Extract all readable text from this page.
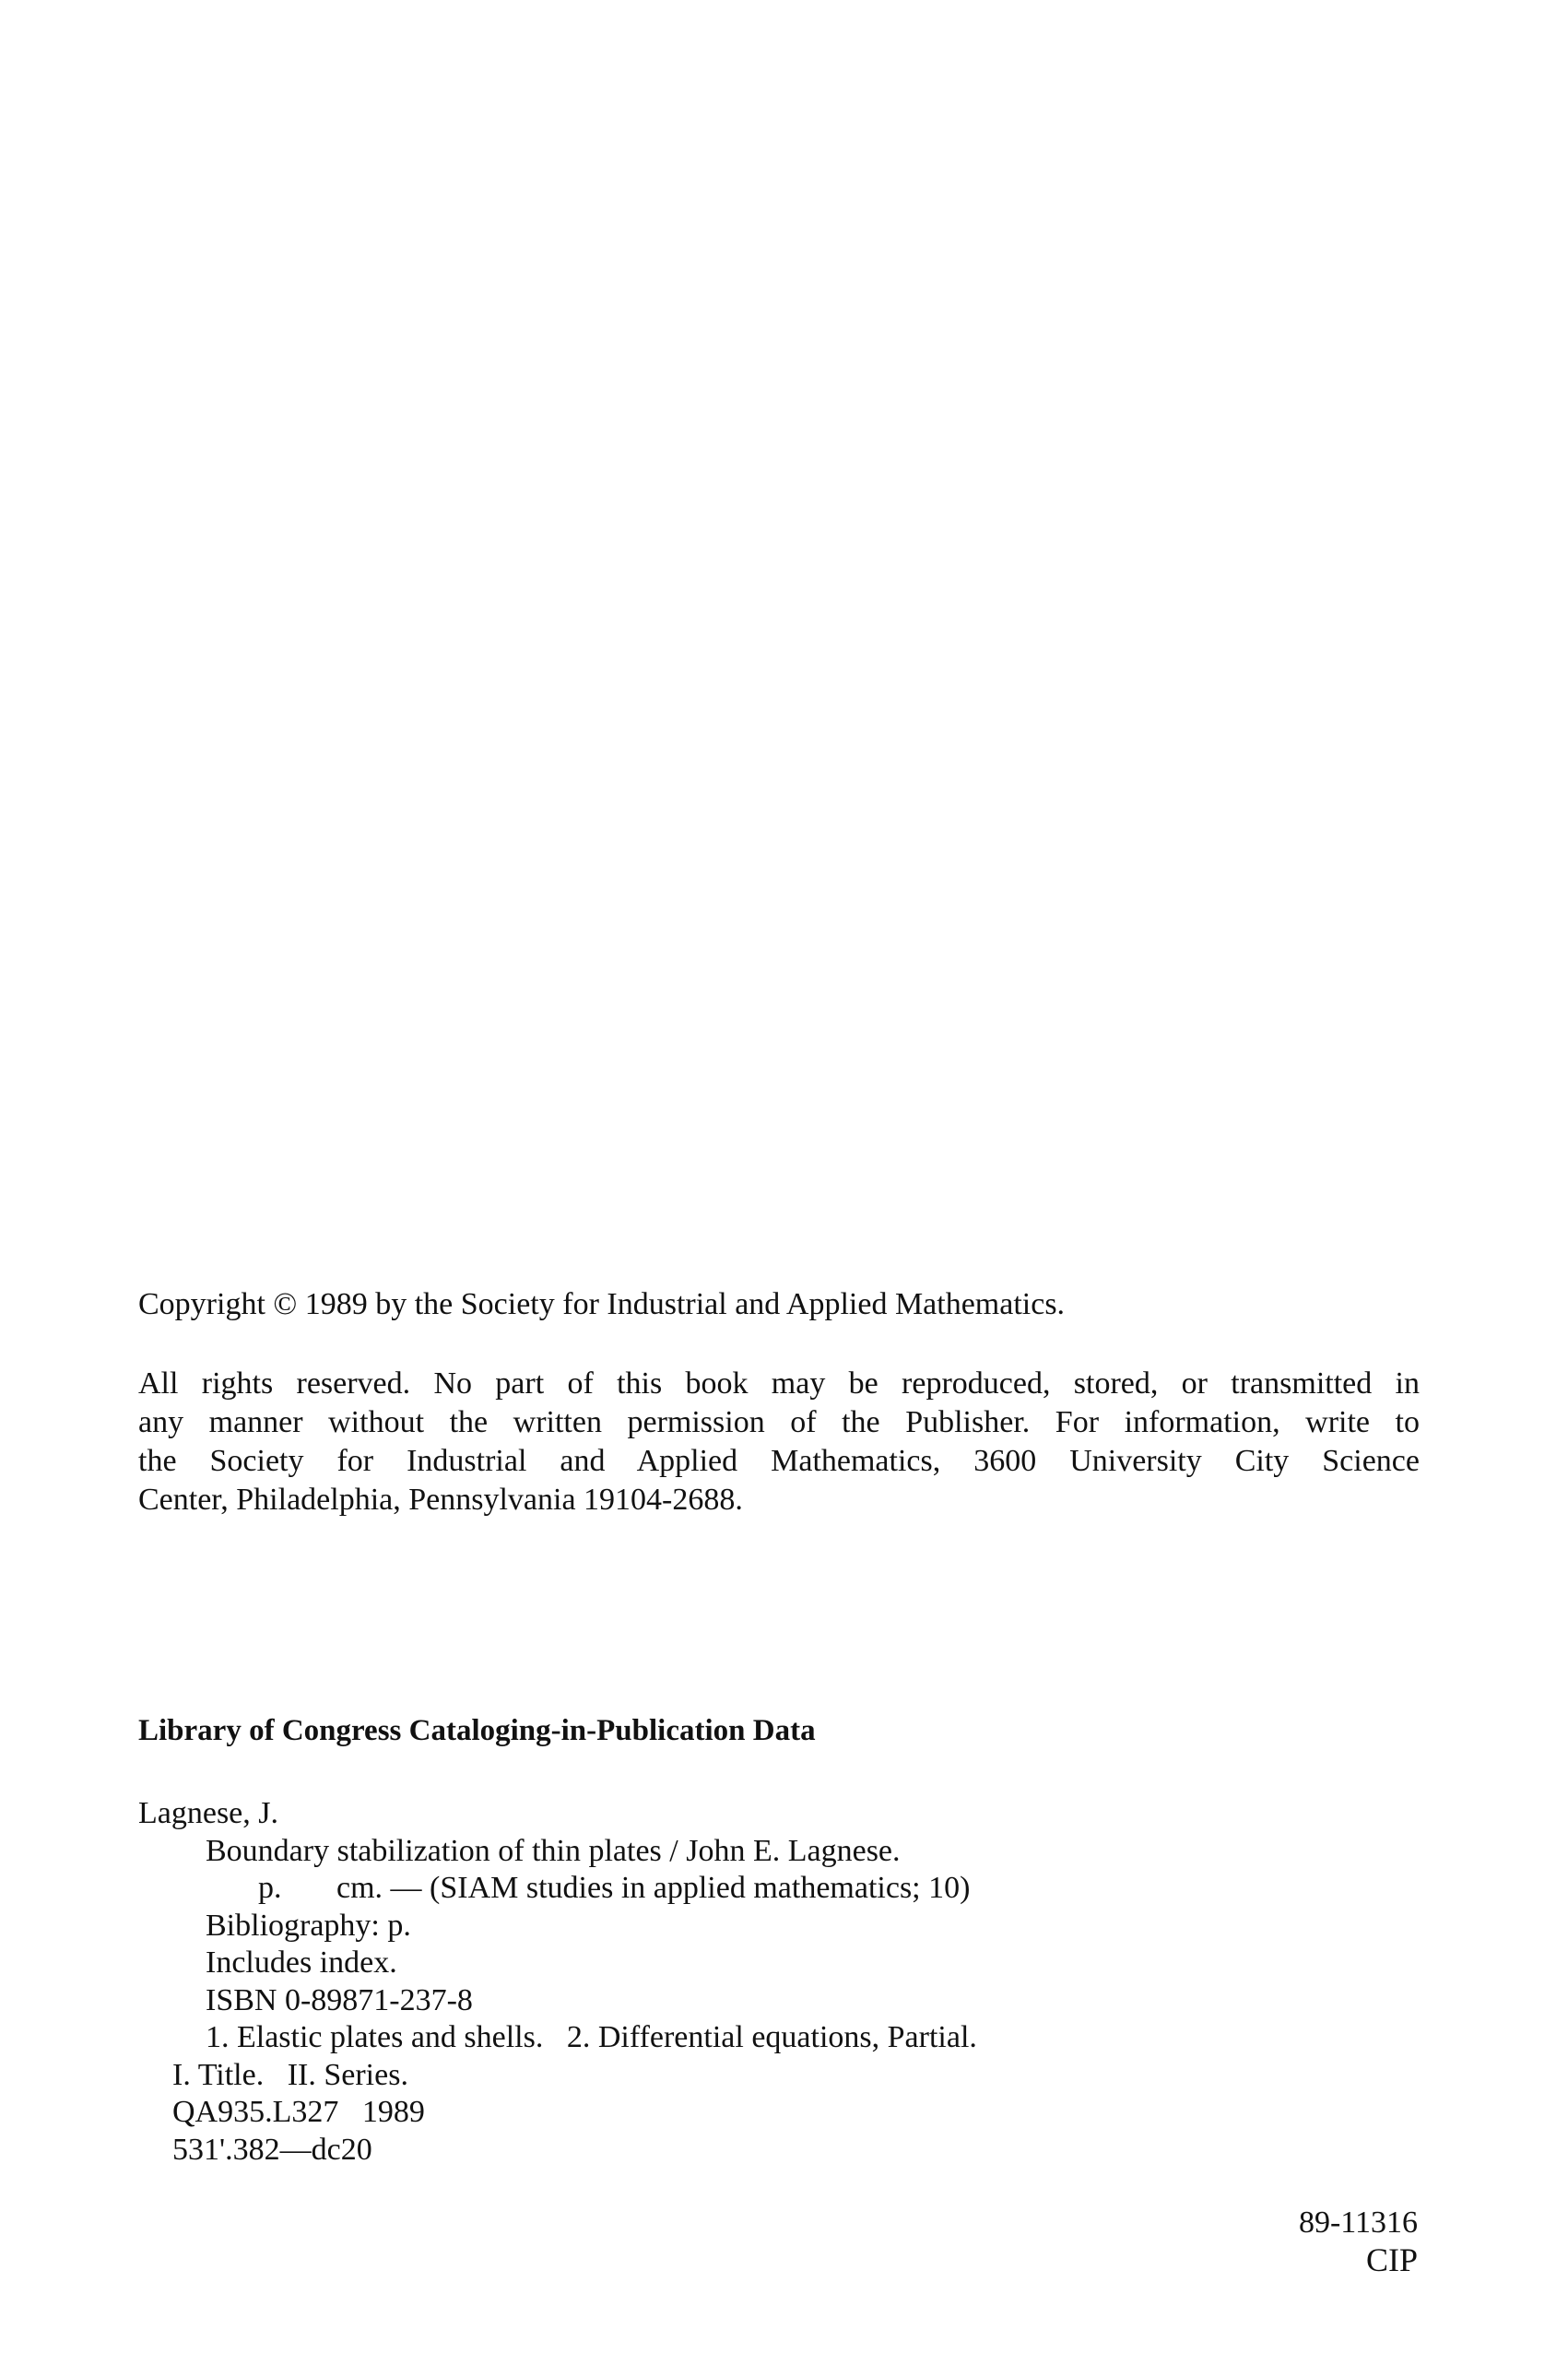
Copyright © 1989 by the Society for Industrial and Applied Mathematics.
All rights reserved. No part of this book may be reproduced, stored, or transmitted in
any manner without the written permission of the Publisher. For information, write to
the Society for Industrial and Applied Mathematics, 3600 University City Science
Center, Philadelphia, Pennsylvania 19104-2688.
Library of Congress Cataloging-in-Publication Data
Lagnese, J.
Boundary stabilization of thin plates / John E. Lagnese.
p.       cm. — (SIAM studies in applied mathematics; 10)
Bibliography: p.
Includes index.
ISBN 0-89871-237-8
1. Elastic plates and shells.   2. Differential equations, Partial.
I. Title.   II. Series.
QA935.L327   1989
531'.382—dc20
89-11316
CIP
